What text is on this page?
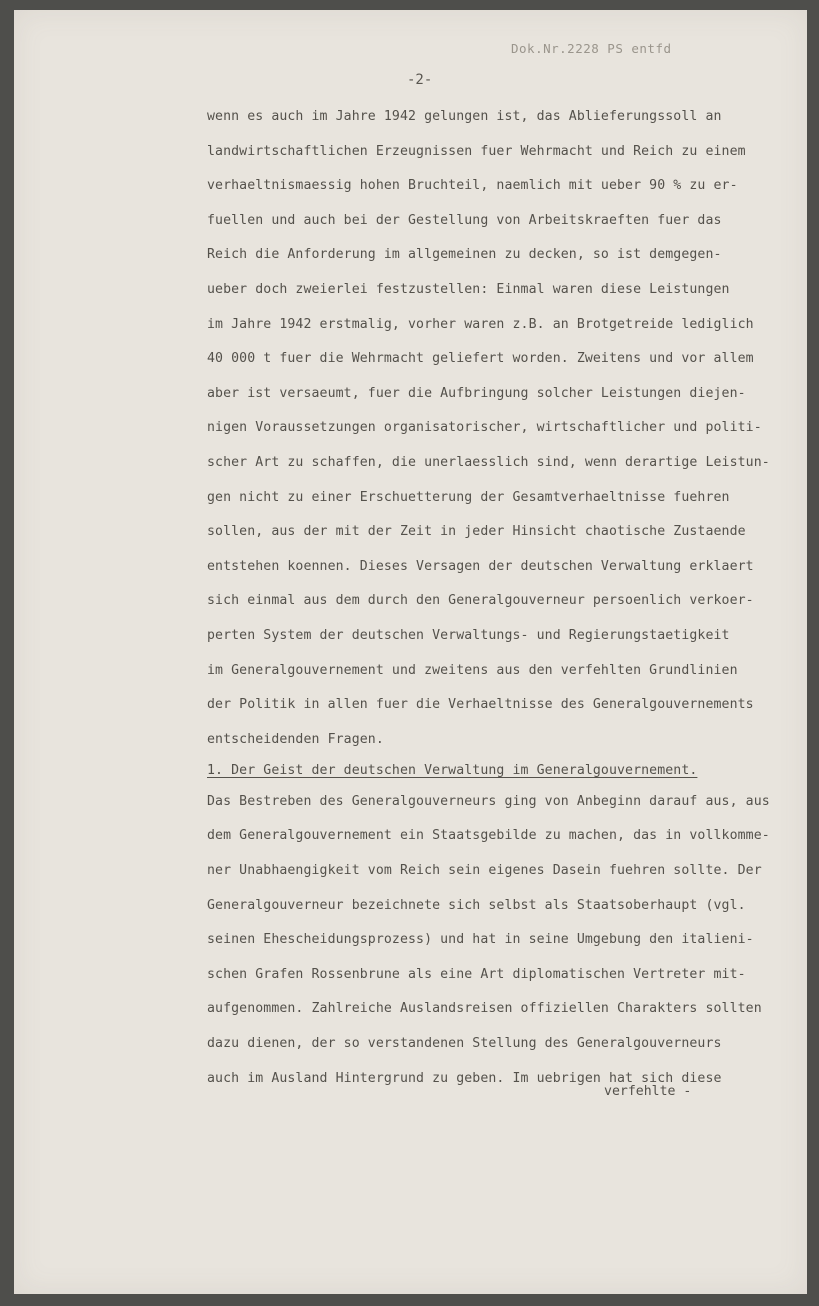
Dok.Nr.2228 PS entfd
-2-
wenn es auch im Jahre 1942 gelungen ist, das Ablieferungssoll an
landwirtschaftlichen Erzeugnissen fuer Wehrmacht und Reich zu einem
verhaeltnismaessig hohen Bruchteil, naemlich mit ueber 90 % zu er-
fuellen und auch bei der Gestellung von Arbeitskraeften fuer das
Reich die Anforderung im allgemeinen zu decken, so ist demgegen-
ueber doch zweierlei festzustellen: Einmal waren diese Leistungen
im Jahre 1942 erstmalig, vorher waren z.B. an Brotgetreide lediglich
40 000 t fuer die Wehrmacht geliefert worden. Zweitens und vor allem
aber ist versaeumt, fuer die Aufbringung solcher Leistungen diejen-
nigen Voraussetzungen organisatorischer, wirtschaftlicher und politi-
scher Art zu schaffen, die unerlaesslich sind, wenn derartige Leistun-
gen nicht zu einer Erschuetterung der Gesamtverhaeltnisse fuehren
sollen, aus der mit der Zeit in jeder Hinsicht chaotische Zustaende
entstehen koennen. Dieses Versagen der deutschen Verwaltung erklaert
sich einmal aus dem durch den Generalgouverneur persoenlich verkoer-
perten System der deutschen Verwaltungs- und Regierungstaetigkeit
im Generalgouvernement und zweitens aus den verfehlten Grundlinien
der Politik in allen fuer die Verhaeltnisse des Generalgouvernements
entscheidenden Fragen.
1. Der Geist der deutschen Verwaltung im Generalgouvernement.
Das Bestreben des Generalgouverneurs ging von Anbeginn darauf aus, aus
dem Generalgouvernement ein Staatsgebilde zu machen, das in vollkomme-
ner Unabhaengigkeit vom Reich sein eigenes Dasein fuehren sollte. Der
Generalgouverneur bezeichnete sich selbst als Staatsoberhaupt (vgl.
seinen Ehescheidungsprozess) und hat in seine Umgebung den italieni-
schen Grafen Rossenbrune als eine Art diplomatischen Vertreter mit-
aufgenommen. Zahlreiche Auslandsreisen offiziellen Charakters sollten
dazu dienen, der so verstandenen Stellung des Generalgouverneurs
auch im Ausland Hintergrund zu geben. Im uebrigen hat sich diese
verfehlte -
